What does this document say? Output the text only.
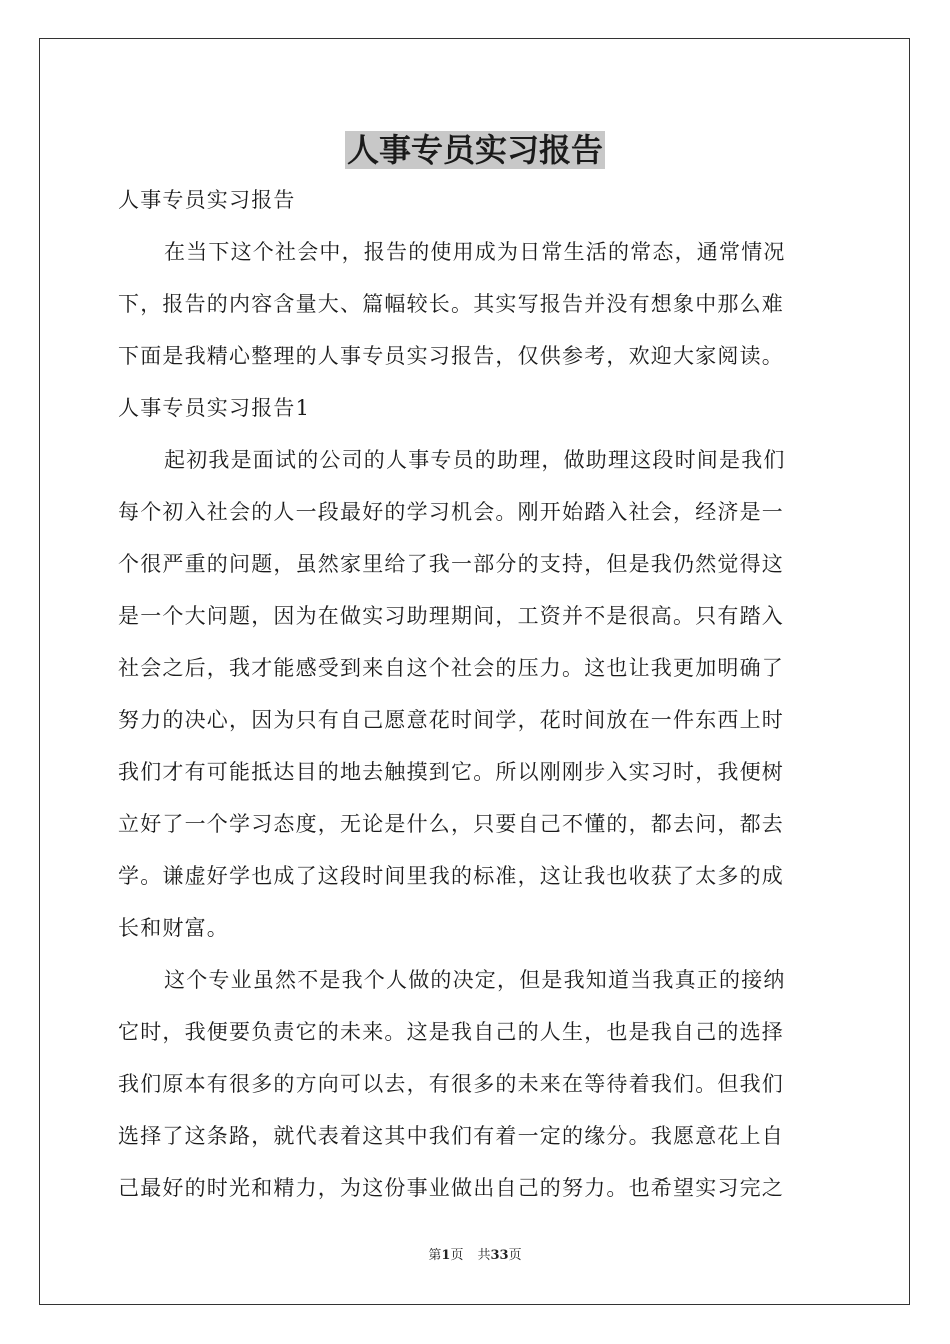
人事专员实习报告
人事专员实习报告
在当下这个社会中，报告的使用成为日常生活的常态，通常情况
下，报告的内容含量大、篇幅较长。其实写报告并没有想象中那么难
下面是我精心整理的人事专员实习报告，仅供参考，欢迎大家阅读。
人事专员实习报告1
起初我是面试的公司的人事专员的助理，做助理这段时间是我们
每个初入社会的人一段最好的学习机会。刚开始踏入社会，经济是一
个很严重的问题，虽然家里给了我一部分的支持，但是我仍然觉得这
是一个大问题，因为在做实习助理期间，工资并不是很高。只有踏入
社会之后，我才能感受到来自这个社会的压力。这也让我更加明确了
努力的决心，因为只有自己愿意花时间学，花时间放在一件东西上时
我们才有可能抵达目的地去触摸到它。所以刚刚步入实习时，我便树
立好了一个学习态度，无论是什么，只要自己不懂的，都去问，都去
学。谦虚好学也成了这段时间里我的标准，这让我也收获了太多的成
长和财富。
这个专业虽然不是我个人做的决定，但是我知道当我真正的接纳
它时，我便要负责它的未来。这是我自己的人生，也是我自己的选择
我们原本有很多的方向可以去，有很多的未来在等待着我们。但我们
选择了这条路，就代表着这其中我们有着一定的缘分。我愿意花上自
己最好的时光和精力，为这份事业做出自己的努力。也希望实习完之
第1页 共33页
